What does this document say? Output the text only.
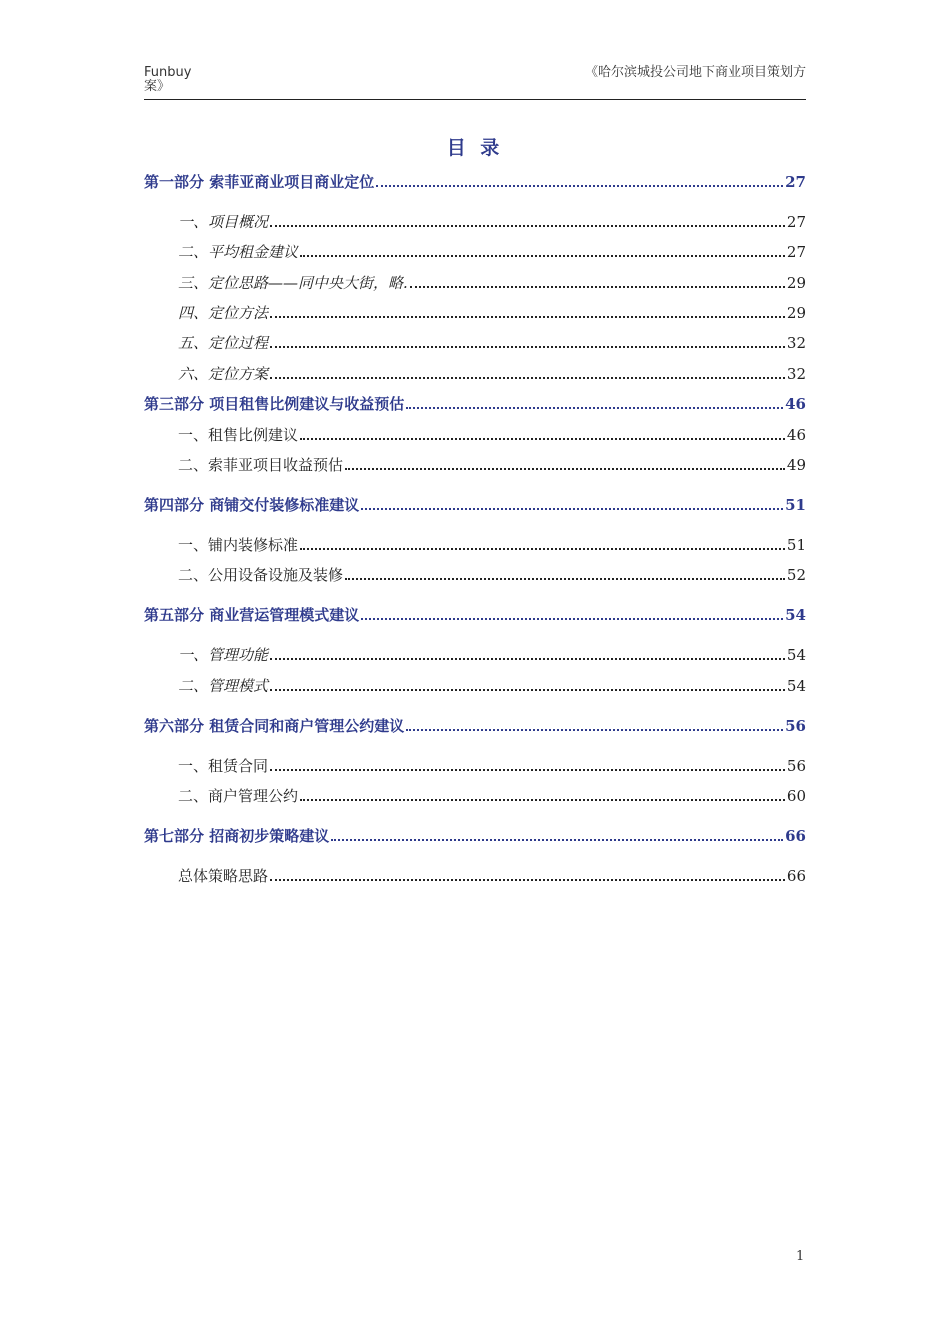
Funbuy
案》
《哈尔滨城投公司地下商业项目策划方
目 录
第一部分 索菲亚商业项目商业定位	27
一、项目概况	27
二、平均租金建议	27
三、定位思路——同中央大街，略.	29
四、定位方法	29
五、定位过程	32
六、定位方案	32
第三部分 项目租售比例建议与收益预估	46
一、租售比例建议	46
二、索菲亚项目收益预估	49
第四部分 商铺交付装修标准建议	51
一、铺内装修标准	51
二、公用设备设施及装修	52
第五部分 商业营运管理模式建议	54
一、管理功能	54
二、管理模式	54
第六部分 租赁合同和商户管理公约建议	56
一、租赁合同	56
二、商户管理公约	60
第七部分 招商初步策略建议	66
总体策略思路	66
1
